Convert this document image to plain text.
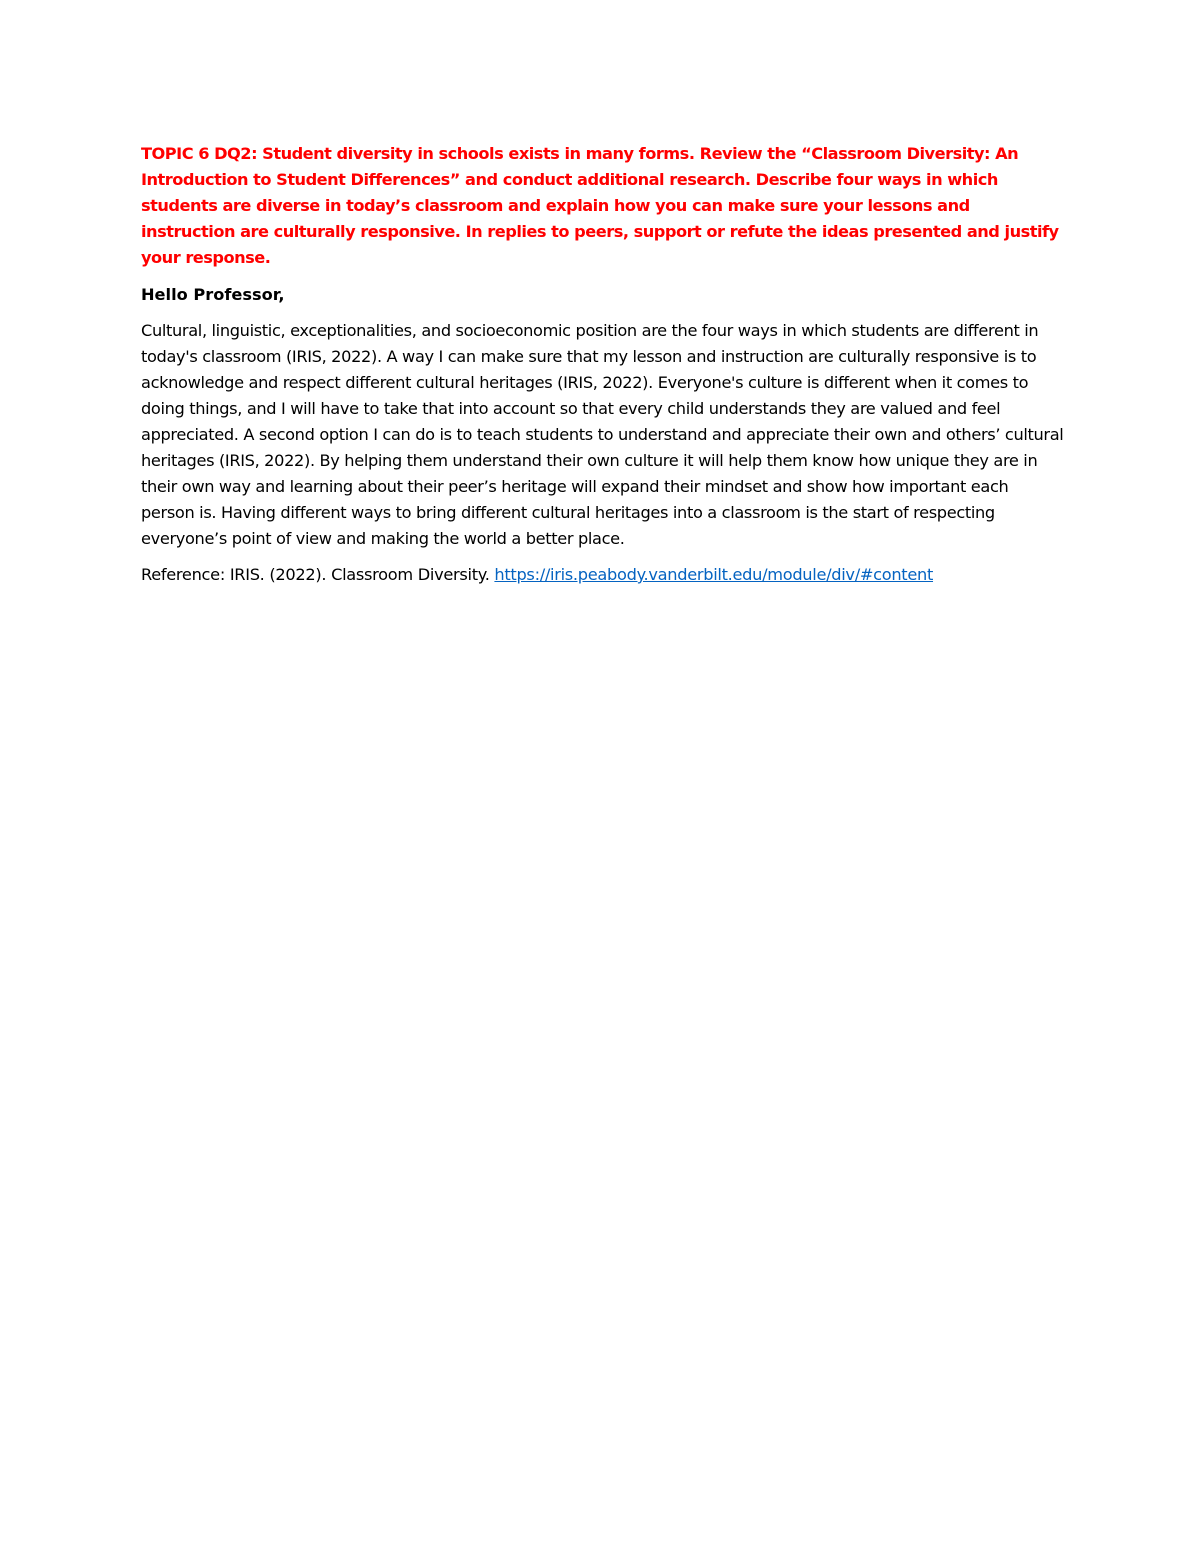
TOPIC 6 DQ2: Student diversity in schools exists in many forms. Review the “Classroom Diversity: An Introduction to Student Differences” and conduct additional research. Describe four ways in which students are diverse in today’s classroom and explain how you can make sure your lessons and instruction are culturally responsive. In replies to peers, support or refute the ideas presented and justify your response.

Hello Professor,

Cultural, linguistic, exceptionalities, and socioeconomic position are the four ways in which students are different in today's classroom (IRIS, 2022). A way I can make sure that my lesson and instruction are culturally responsive is to acknowledge and respect different cultural heritages (IRIS, 2022). Everyone's culture is different when it comes to doing things, and I will have to take that into account so that every child understands they are valued and feel appreciated. A second option I can do is to teach students to understand and appreciate their own and others’ cultural heritages (IRIS, 2022). By helping them understand their own culture it will help them know how unique they are in their own way and learning about their peer’s heritage will expand their mindset and show how important each person is. Having different ways to bring different cultural heritages into a classroom is the start of respecting everyone’s point of view and making the world a better place.

Reference: IRIS. (2022). Classroom Diversity. https://iris.peabody.vanderbilt.edu/module/div/#content
